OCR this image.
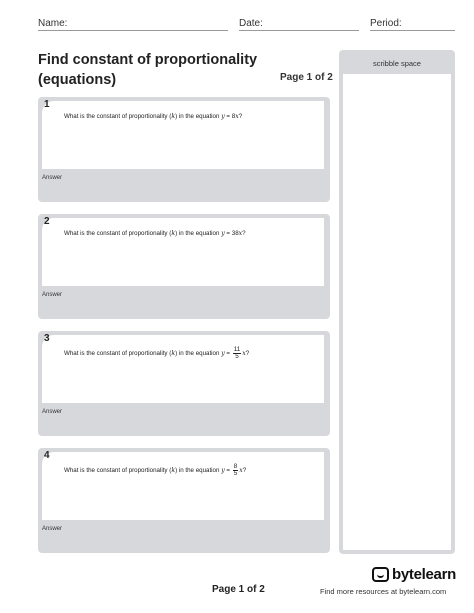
Name:	Date:	Period:
Find constant of proportionality (equations)	Page 1 of 2
1
What is the constant of proportionality ( k ) in the equation
y
=
8 x ?
Answer
2
What is the constant of proportionality ( k ) in the equation
y
=
38 x ?
Answer
3
What is the constant of proportionality ( k ) in the equation
y
=
$\frac{11}{5}$ x ?
Answer
4
What is the constant of proportionality ( k ) in the equation
y
=
$\frac{8}{5}$ x ?
Answer
scribble space
Page 1 of 2
bytelearn
Find more resources at bytelearn.com
